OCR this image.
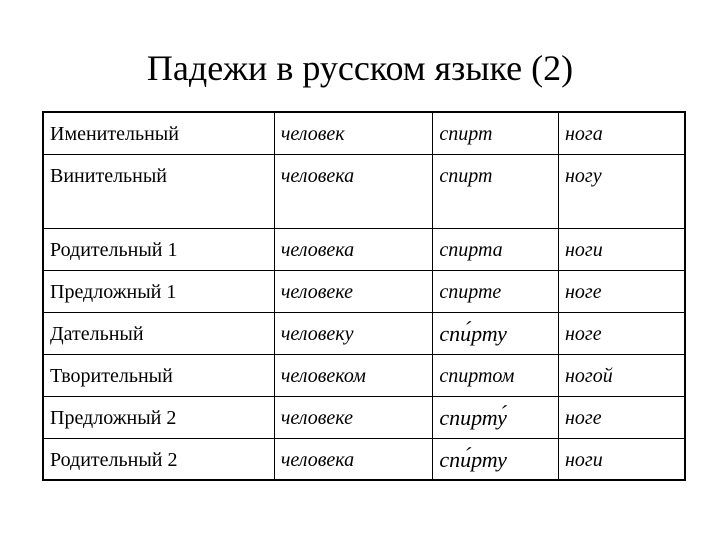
Падежи в русском языке (2)
Именительный	человек	спирт	нога
Винительный	человека	спирт	ногу
Родительный 1	человека	спирта	ноги
Предложный 1	человеке	спирте	ноге
Дательный	человеку	спи́рту	ноге
Творительный	человеком	спиртом	ногой
Предложный 2	человеке	спирту́	ноге
Родительный 2	человека	спи́рту	ноги
